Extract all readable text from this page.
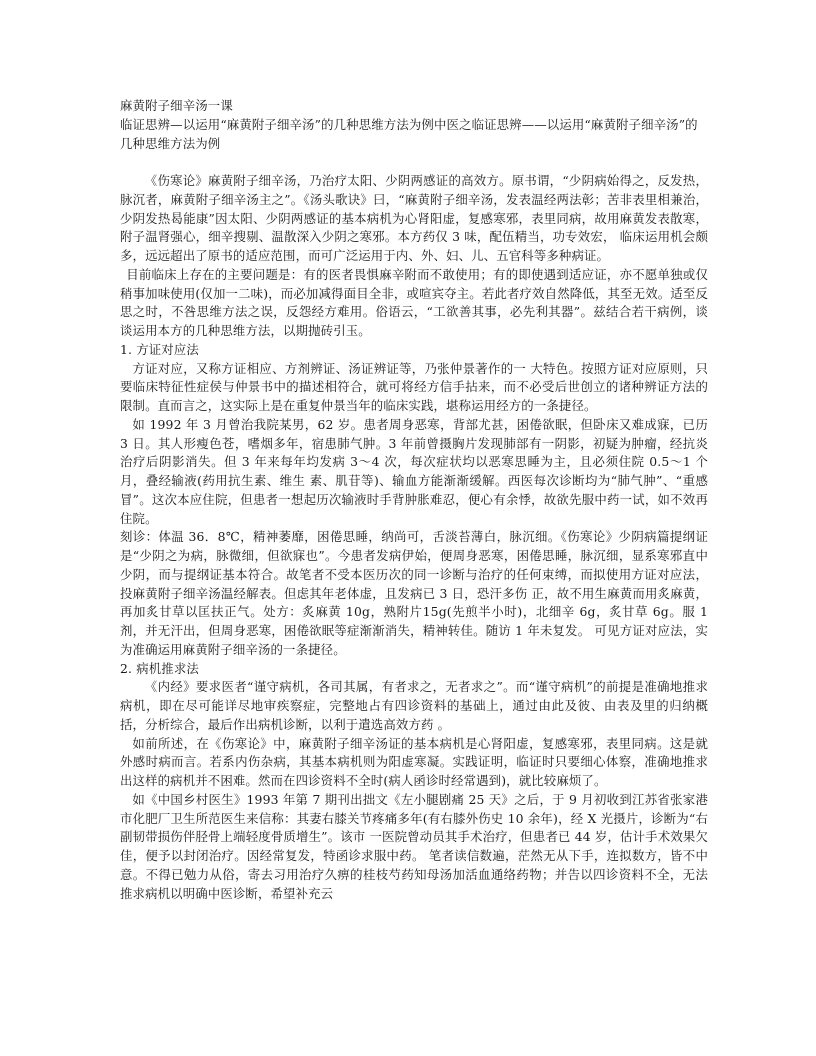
麻黄附子细辛汤一课
临证思辨—以运用“麻黄附子细辛汤”的几种思维方法为例中医之临证思辨——以运用“麻黄附子细辛汤”的几种思维方法为例

《伤寒论》麻黄附子细辛汤，乃治疗太阳、少阴两感证的高效方。原书谓，“少阴病始得之，反发热，脉沉者，麻黄附子细辛汤主之”。《汤头歌诀》曰，“麻黄附子细辛汤，发表温经两法彰；苦非表里相兼治，少阴发热曷能康”因太阳、少阴两感证的基本病机为心肾阳虚，复感寒邪，表里同病，故用麻黄发表散寒，附子温肾强心，细辛搜剔、温散深入少阴之寒邪。本方药仅 3 味，配伍精当，功专效宏， 临床运用机会颇多，远远超出了原书的适应范围，而可广泛运用于内、外、妇、儿、五官科等多种病证。

目前临床上存在的主要问题是：有的医者畏惧麻辛附而不敢使用；有的即使遇到适应证，亦不愿单独或仅稍事加味使用(仅加一二味)，而必加减得面目全非，或喧宾夺主。若此者疗效自然降低，其至无效。适至反思之时，不咎思维方法之误，反怨经方难用。俗语云，“工欲善其事，必先利其器”。兹结合若干病例，谈谈运用本方的几种思维方法，以期抛砖引玉。

1. 方证对应法

方证对应，又称方证相应、方剂辨证、汤证辨证等，乃张仲景著作的一 大特色。按照方证对应原则，只要临床特征性症侯与仲景书中的描述相符合，就可将经方信手拈来，而不必受后世创立的诸种辨证方法的限制。直而言之，这实际上是在重复仲景当年的临床实践，堪称运用经方的一条捷径。

如 1992 年 3 月曾治我院某男，62 岁。患者周身恶寒，背部尤甚，困倦欲眠，但卧床又难成寐，已历 3 日。其人形瘦色苍，嗜烟多年，宿患肺气肿。3 年前曾摄胸片发现肺部有一阴影，初疑为肿瘤，经抗炎治疗后阴影消失。但 3 年来每年均发病 3～4 次，每次症状均以恶寒思睡为主，且必须住院 0.5～1 个月，叠经输液(药用抗生素、维生 素、肌苷等)、输血方能渐渐缓解。西医每次诊断均为“肺气肿”、“重感冒”。这次本应住院，但患者一想起历次输液时手背肿胀难忍，便心有余悸，故欲先服中药一试，如不效再住院。

刻诊：体温 36．8℃，精神萎靡，困倦思睡，纳尚可，舌淡苔薄白，脉沉细。《伤寒论》少阴病篇提纲证是“少阴之为病，脉微细，但欲寐也”。今患者发病伊始，便周身恶寒，困倦思睡，脉沉细，显系寒邪直中少阴，而与提纲证基本符合。故笔者不受本医历次的同一诊断与治疗的任何束缚，而拟使用方证对应法，投麻黄附子细辛汤温经解表。但虑其年老体虚，且发病已 3 日，恐汗多伤 正，故不用生麻黄而用炙麻黄，再加炙甘草以匡扶正气。处方：炙麻黄 10g，熟附片15g(先煎半小时)，北细辛 6g，炙甘草 6g。服 1 剂，并无汗出，但周身恶寒，困倦欲眠等症渐渐消失，精神转佳。随访 1 年未复发。 可见方证对应法，实为准确运用麻黄附子细辛汤的一条捷径。

2. 病机推求法

《内经》要求医者“谨守病机，各司其属，有者求之，无者求之”。而“谨守病机”的前提是准确地推求病机，即在尽可能详尽地审疾察症，完整地占有四诊资料的基础上，通过由此及彼、由表及里的归纳概括，分析综合，最后作出病机诊断，以利于遣选高效方药 。

如前所述，在《伤寒论》中，麻黄附子细辛汤证的基本病机是心肾阳虚，复感寒邪，表里同病。这是就外感时病而言。若系内伤杂病，其基本病机则为阳虚寒凝。实践证明，临证时只要细心体察，准确地推求出这样的病机并不困难。然而在四诊资料不全时(病人函诊时经常遇到)，就比较麻烦了。

如《中国乡村医生》1993 年第 7 期刊出拙文《左小腿剧痛 25 天》之后，于 9 月初收到江苏省张家港市化肥厂卫生所范医生来信称：其妻右膝关节疼痛多年(有右膝外伤史 10 余年)，经 X 光摄片，诊断为“右副韧带损伤伴胫骨上端轻度骨质增生”。该市 一医院曾动员其手术治疗，但患者已 44 岁，估计手术效果欠佳，便予以封闭治疗。因经常复发，特函诊求服中药。 笔者读信数遍，茫然无从下手，连拟数方，皆不中意。不得已勉力从俗，寄去习用治疗久痹的桂枝芍药知母汤加活血通络药物；并告以四诊资料不全，无法推求病机以明确中医诊断，希望补充云
